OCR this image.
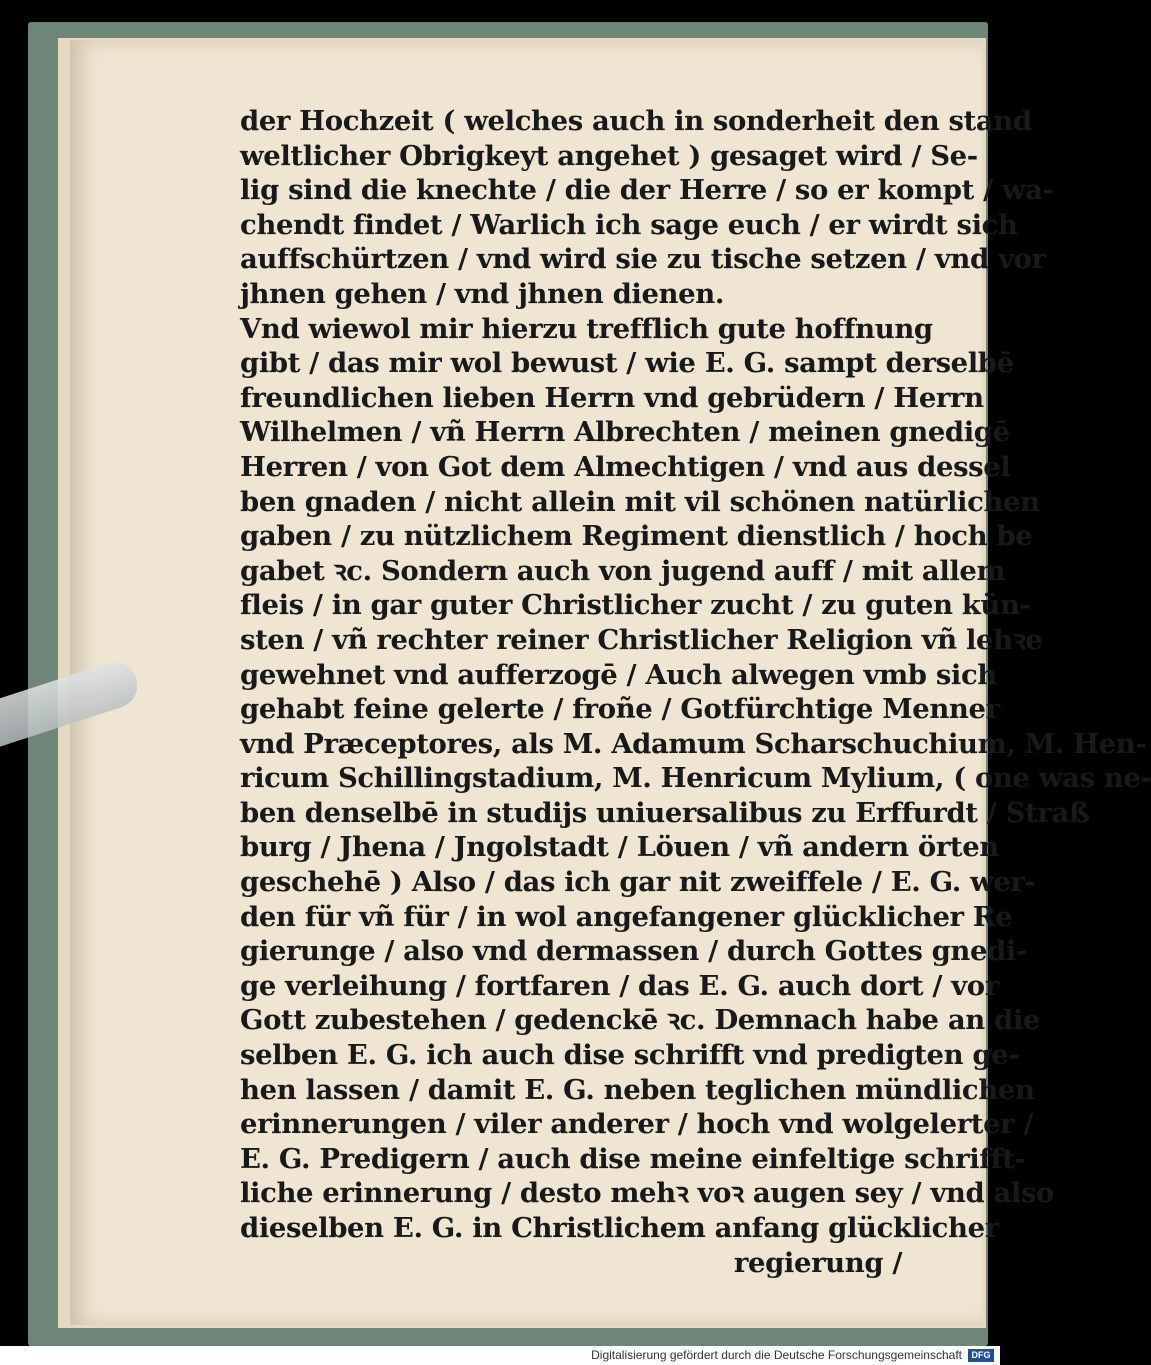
der Hochzeit ( welches auch in sonderheit den stand
weltlicher Obrigkeyt angehet ) gesaget wird / Se-
lig sind die knechte / die der Herre / so er kompt / wa-
chendt findet / Warlich ich sage euch / er wirdt sich
auffschürtzen / vnd wird sie zu tische setzen / vnd vor
jhnen gehen / vnd jhnen dienen.
Vnd wiewol mir hierzu trefflich gute hoffnung
gibt / das mir wol bewust / wie E. G. sampt derselbē
freundlichen lieben Herrn vnd gebrüdern / Herrn
Wilhelmen / vñ Herrn Albrechten / meinen gnedigē
Herren / von Got dem Almechtigen / vnd aus dessel
ben gnaden / nicht allein mit vil schönen natürlichen
gaben / zu nützlichem Regiment dienstlich / hoch be
gabet ꝛc. Sondern auch von jugend auff / mit allem
fleis / in gar guter Christlicher zucht / zu guten kün-
sten / vñ rechter reiner Christlicher Religion vñ lehꝛe
gewehnet vnd aufferzogē / Auch alwegen vmb sich
gehabt feine gelerte / froñe / Gotfürchtige Menner
vnd Præceptores, als M. Adamum Scharschuchium, M. Hen-
ricum Schillingstadium, M. Henricum Mylium, ( one was ne-
ben denselbē in studijs uniuersalibus zu Erffurdt / Straß
burg / Jhena / Jngolstadt / Löuen / vñ andern örten
geschehē ) Also / das ich gar nit zweiffele / E. G. wer-
den für vñ für / in wol angefangener glücklicher Re
gierunge / also vnd dermassen / durch Gottes gnedi-
ge verleihung / fortfaren / das E. G. auch dort / vor
Gott zubestehen / gedenckē ꝛc. Demnach habe an die
selben E. G. ich auch dise schrifft vnd predigten ge-
hen lassen / damit E. G. neben teglichen mündlichen
erinnerungen / viler anderer / hoch vnd wolgelerter /
E. G. Predigern / auch dise meine einfeltige schrifft-
liche erinnerung / desto mehꝛ voꝛ augen sey / vnd also
dieselben E. G. in Christlichem anfang glücklicher
regierung /
Digitalisierung gefördert durch die Deutsche Forschungsgemeinschaft	DFG
